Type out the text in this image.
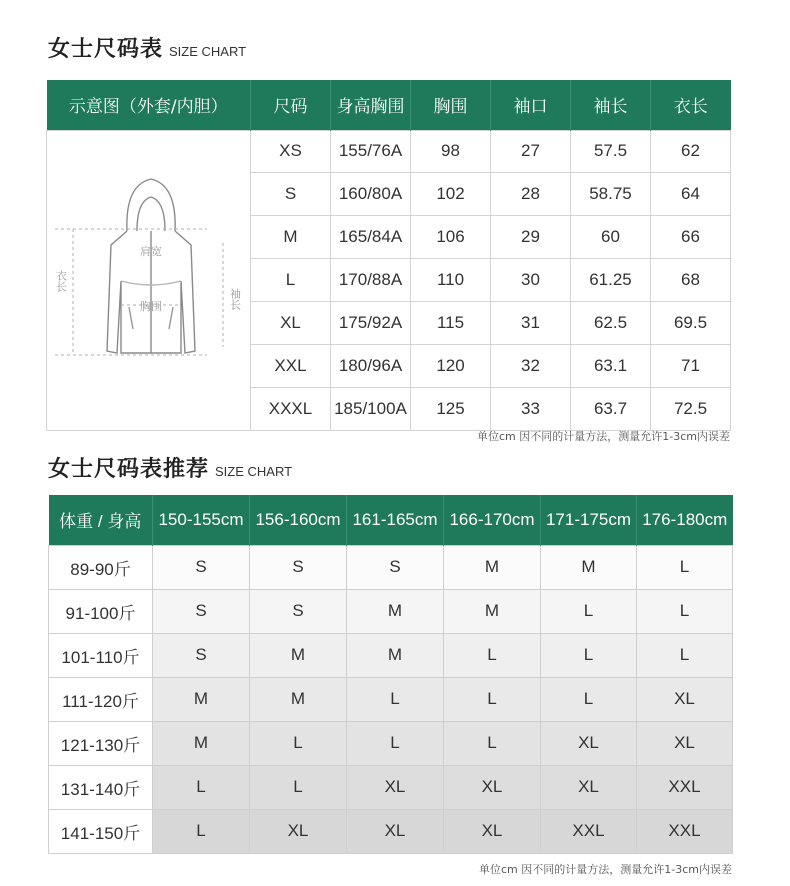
女士尺码表 SIZE CHART
示意图（外套/内胆）	尺码	身高胸围	胸围	袖口	袖长	衣长

肩宽
胸围
衣长
袖长	XS	155/76A	98	27	57.5	62
	S	160/80A	102	28	58.75	64
	M	165/84A	106	29	60	66
	L	170/88A	110	30	61.25	68
	XL	175/92A	115	31	62.5	69.5
	XXL	180/96A	120	32	63.1	71
	XXXL	185/100A	125	33	63.7	72.5
单位cm 因不同的计量方法，测量允许1-3cm内误差
女士尺码表推荐 SIZE CHART
体重 / 身高	150-155cm	156-160cm	161-165cm	166-170cm	171-175cm	176-180cm
89-90斤	S	S	S	M	M	L
91-100斤	S	S	M	M	L	L
101-110斤	S	M	M	L	L	L
111-120斤	M	M	L	L	L	XL
121-130斤	M	L	L	L	XL	XL
131-140斤	L	L	XL	XL	XL	XXL
141-150斤	L	XL	XL	XL	XXL	XXL
单位cm 因不同的计量方法，测量允许1-3cm内误差
